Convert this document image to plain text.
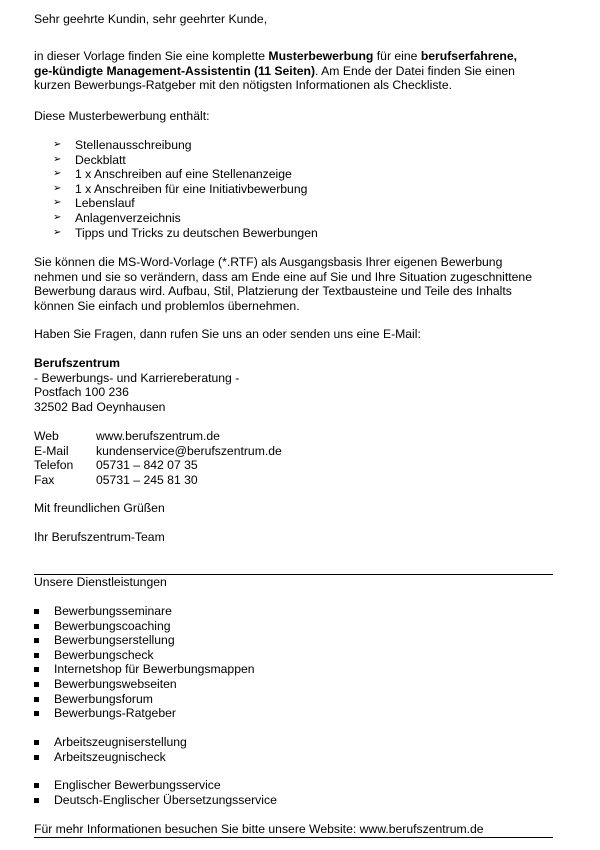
Sehr geehrte Kundin, sehr geehrter Kunde,
in dieser Vorlage finden Sie eine komplette Musterbewerbung für eine berufserfahrene,
ge-kündigte Management-Assistentin (11 Seiten). Am Ende der Datei finden Sie einen
kurzen Bewerbungs-Ratgeber mit den nötigsten Informationen als Checkliste.
Diese Musterbewerbung enthält:
➢ Stellenausschreibung
➢ Deckblatt
➢ 1 x Anschreiben auf eine Stellenanzeige
➢ 1 x Anschreiben für eine Initiativbewerbung
➢ Lebenslauf
➢ Anlagenverzeichnis
➢ Tipps und Tricks zu deutschen Bewerbungen
Sie können die MS-Word-Vorlage (*.RTF) als Ausgangsbasis Ihrer eigenen Bewerbung
nehmen und sie so verändern, dass am Ende eine auf Sie und Ihre Situation zugeschnittene
Bewerbung daraus wird. Aufbau, Stil, Platzierung der Textbausteine und Teile des Inhalts
können Sie einfach und problemlos übernehmen.
Haben Sie Fragen, dann rufen Sie uns an oder senden uns eine E-Mail:
Berufszentrum
- Bewerbungs- und Karriereberatung -
Postfach 100 236
32502 Bad Oeynhausen
Web	www.berufszentrum.de
E-Mail kundenservice@berufszentrum.de
Telefon 05731 – 842 07 35
Fax	05731 – 245 81 30
Mit freundlichen Grüßen
Ihr Berufszentrum-Team
Unsere Dienstleistungen
Bewerbungsseminare
Bewerbungscoaching
Bewerbungserstellung
Bewerbungscheck
Internetshop für Bewerbungsmappen
Bewerbungswebseiten
Bewerbungsforum
Bewerbungs-Ratgeber
Arbeitszeugniserstellung
Arbeitszeugnischeck
Englischer Bewerbungsservice
Deutsch-Englischer Übersetzungsservice
Für mehr Informationen besuchen Sie bitte unsere Website: www.berufszentrum.de
